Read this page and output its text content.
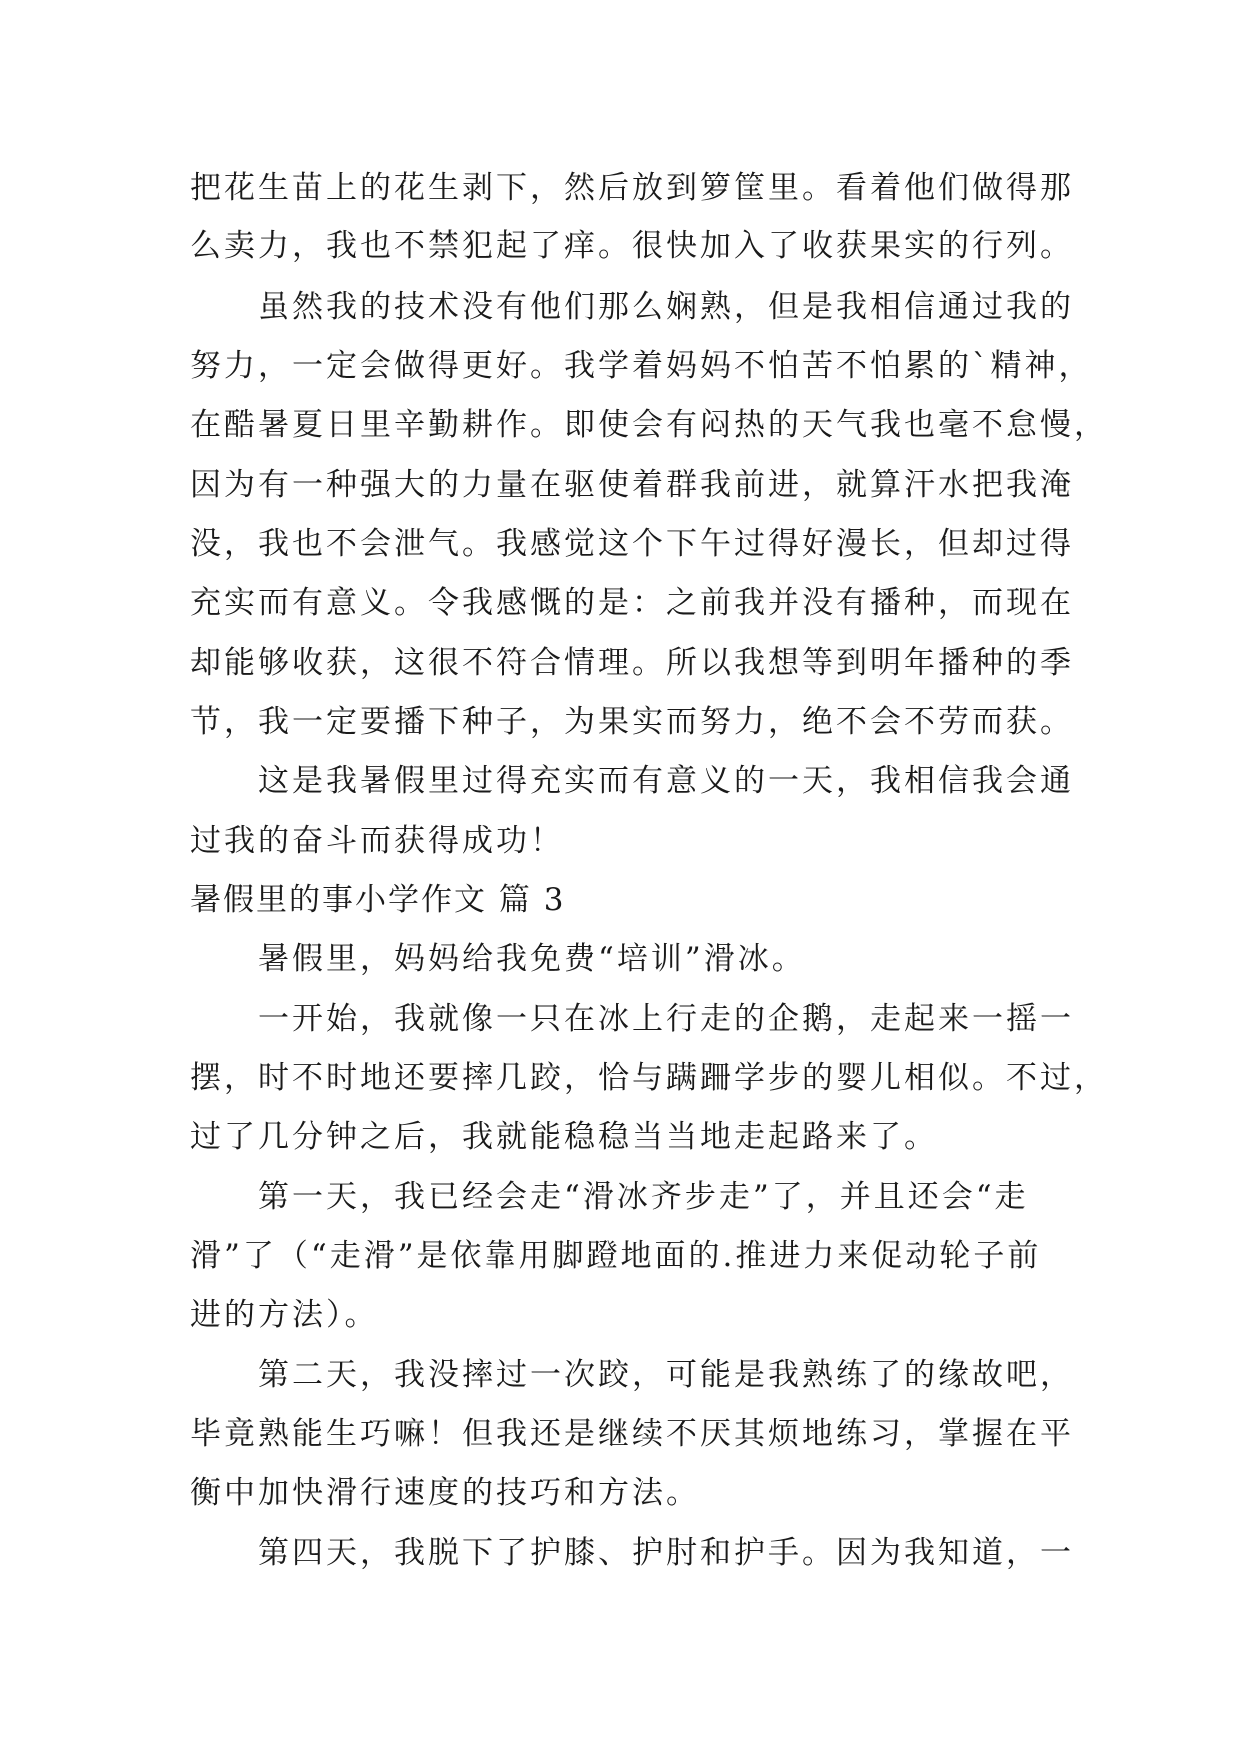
把花生苗上的花生剥下，然后放到箩筐里。看着他们做得那
么卖力，我也不禁犯起了痒。很快加入了收获果实的行列。
　　虽然我的技术没有他们那么娴熟，但是我相信通过我的
努力，一定会做得更好。我学着妈妈不怕苦不怕累的`精神，
在酷暑夏日里辛勤耕作。即使会有闷热的天气我也毫不怠慢，
因为有一种强大的力量在驱使着群我前进，就算汗水把我淹
没，我也不会泄气。我感觉这个下午过得好漫长，但却过得
充实而有意义。令我感慨的是：之前我并没有播种，而现在
却能够收获，这很不符合情理。所以我想等到明年播种的季
节，我一定要播下种子，为果实而努力，绝不会不劳而获。
　　这是我暑假里过得充实而有意义的一天，我相信我会通
过我的奋斗而获得成功！
暑假里的事小学作文 篇 3
　　暑假里，妈妈给我免费“培训”滑冰。
　　一开始，我就像一只在冰上行走的企鹅，走起来一摇一
摆，时不时地还要摔几跤，恰与蹒跚学步的婴儿相似。不过，
过了几分钟之后，我就能稳稳当当地走起路来了。
　　第一天，我已经会走“滑冰齐步走”了，并且还会“走
滑”了（“走滑”是依靠用脚蹬地面的.推进力来促动轮子前
进的方法）。
　　第二天，我没摔过一次跤，可能是我熟练了的缘故吧，
毕竟熟能生巧嘛！但我还是继续不厌其烦地练习，掌握在平
衡中加快滑行速度的技巧和方法。
　　第四天，我脱下了护膝、护肘和护手。因为我知道，一
